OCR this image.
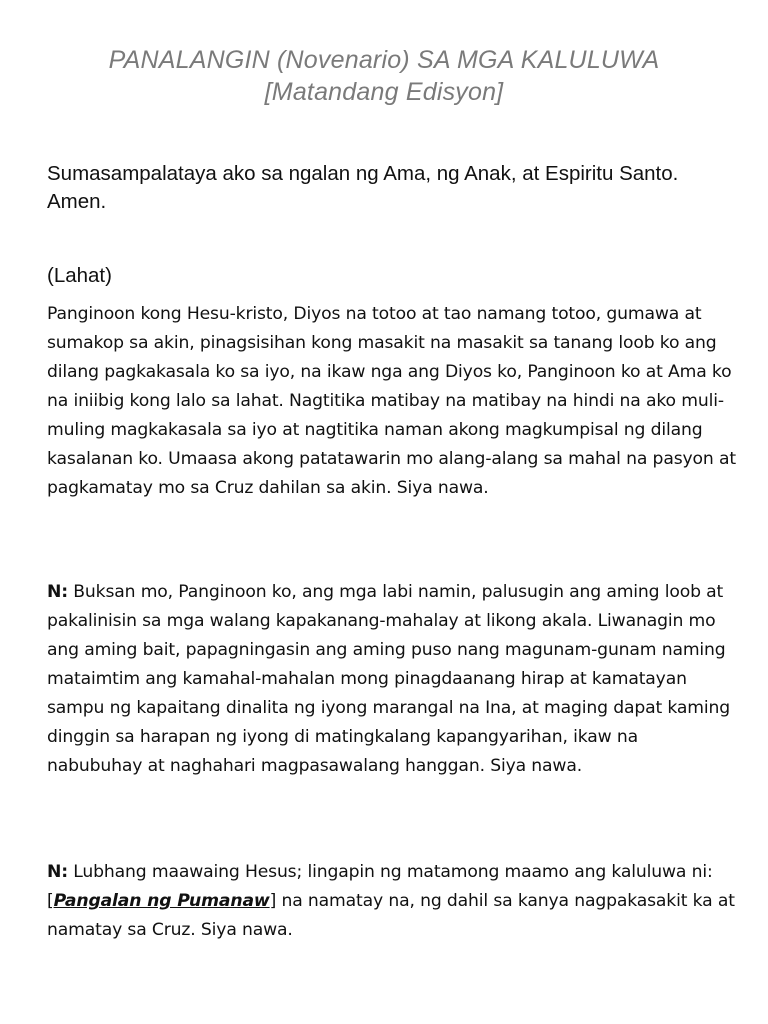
PANALANGIN (Novenario) SA MGA KALULUWA
[Matandang Edisyon]

Sumasampalataya ako sa ngalan ng Ama, ng Anak, at Espiritu Santo. Amen.

(Lahat)

Panginoon kong Hesu-kristo, Diyos na totoo at tao namang totoo, gumawa at sumakop sa akin, pinagsisihan kong masakit na masakit sa tanang loob ko ang dilang pagkakasala ko sa iyo, na ikaw nga ang Diyos ko, Panginoon ko at Ama ko na iniibig kong lalo sa lahat. Nagtitika matibay na matibay na hindi na ako muli-muling magkakasala sa iyo at nagtitika naman akong magkumpisal ng dilang kasalanan ko. Umaasa akong patatawarin mo alang-alang sa mahal na pasyon at pagkamatay mo sa Cruz dahilan sa akin. Siya nawa.

N: Buksan mo, Panginoon ko, ang mga labi namin, palusugin ang aming loob at pakalinisin sa mga walang kapakanang-mahalay at likong akala. Liwanagin mo ang aming bait, papagningasin ang aming puso nang magunam-gunam naming mataimtim ang kamahal-mahalan mong pinagdaanang hirap at kamatayan sampu ng kapaitang dinalita ng iyong marangal na Ina, at maging dapat kaming dinggin sa harapan ng iyong di matingkalang kapangyarihan, ikaw na nabubuhay at naghahari magpasawalang hanggan. Siya nawa.

N: Lubhang maawaing Hesus; lingapin ng matamong maamo ang kaluluwa ni: [Pangalan ng Pumanaw] na namatay na, ng dahil sa kanya nagpakasakit ka at namatay sa Cruz. Siya nawa.
